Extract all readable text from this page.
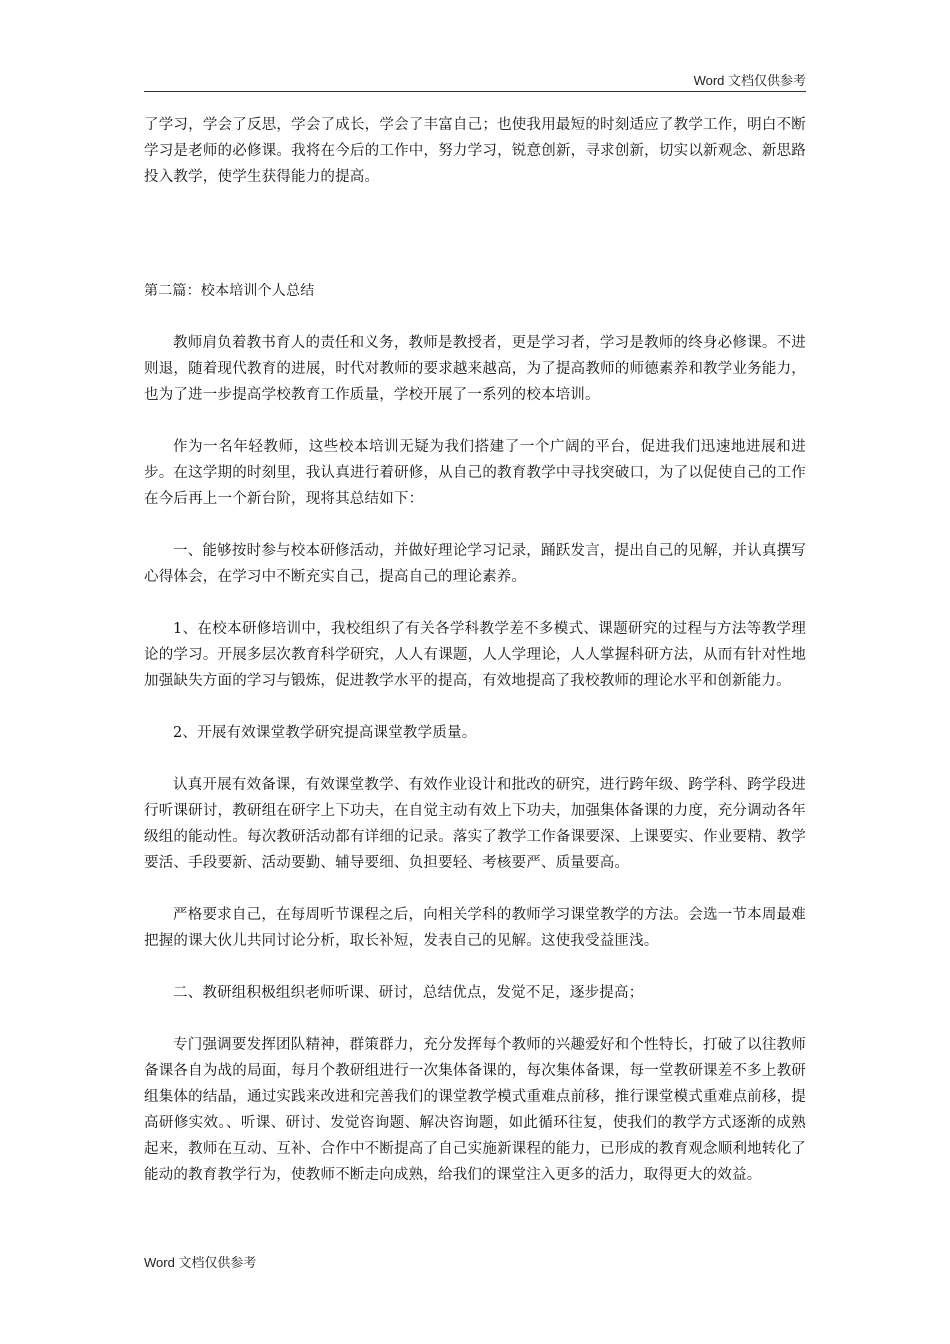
Word 文档仅供参考

了学习，学会了反思，学会了成长，学会了丰富自己；也使我用最短的时刻适应了教学工作，明白不断学习是老师的必修课。我将在今后的工作中，努力学习，锐意创新，寻求创新，切实以新观念、新思路投入教学，使学生获得能力的提高。

第二篇：校本培训个人总结

教师肩负着教书育人的责任和义务，教师是教授者，更是学习者，学习是教师的终身必修课。不进则退，随着现代教育的进展，时代对教师的要求越来越高，为了提高教师的师德素养和教学业务能力，也为了进一步提高学校教育工作质量，学校开展了一系列的校本培训。

作为一名年轻教师，这些校本培训无疑为我们搭建了一个广阔的平台，促进我们迅速地进展和进步。在这学期的时刻里，我认真进行着研修，从自己的教育教学中寻找突破口，为了以促使自己的工作在今后再上一个新台阶，现将其总结如下：

一、能够按时参与校本研修活动，并做好理论学习记录，踊跃发言，提出自己的见解，并认真撰写心得体会，在学习中不断充实自己，提高自己的理论素养。

1、在校本研修培训中，我校组织了有关各学科教学差不多模式、课题研究的过程与方法等教学理论的学习。开展多层次教育科学研究，人人有课题，人人学理论，人人掌握科研方法，从而有针对性地加强缺失方面的学习与锻炼，促进教学水平的提高，有效地提高了我校教师的理论水平和创新能力。

2、开展有效课堂教学研究提高课堂教学质量。

认真开展有效备课，有效课堂教学、有效作业设计和批改的研究，进行跨年级、跨学科、跨学段进行听课研讨，教研组在研字上下功夫，在自觉主动有效上下功夫，加强集体备课的力度，充分调动各年级组的能动性。每次教研活动都有详细的记录。落实了教学工作备课要深、上课要实、作业要精、教学要活、手段要新、活动要勤、辅导要细、负担要轻、考核要严、质量要高。

严格要求自己，在每周听节课程之后，向相关学科的教师学习课堂教学的方法。会选一节本周最难把握的课大伙儿共同讨论分析，取长补短，发表自己的见解。这使我受益匪浅。

二、教研组积极组织老师听课、研讨，总结优点，发觉不足，逐步提高；

专门强调要发挥团队精神，群策群力，充分发挥每个教师的兴趣爱好和个性特长，打破了以往教师备课各自为战的局面，每月个教研组进行一次集体备课的，每次集体备课，每一堂教研课差不多上教研组集体的结晶，通过实践来改进和完善我们的课堂教学模式重难点前移，推行课堂模式重难点前移，提高研修实效。、听课、研讨、发觉咨询题、解决咨询题，如此循环往复，使我们的教学方式逐渐的成熟起来，教师在互动、互补、合作中不断提高了自己实施新课程的能力，已形成的教育观念顺利地转化了能动的教育教学行为，使教师不断走向成熟，给我们的课堂注入更多的活力，取得更大的效益。

Word 文档仅供参考
